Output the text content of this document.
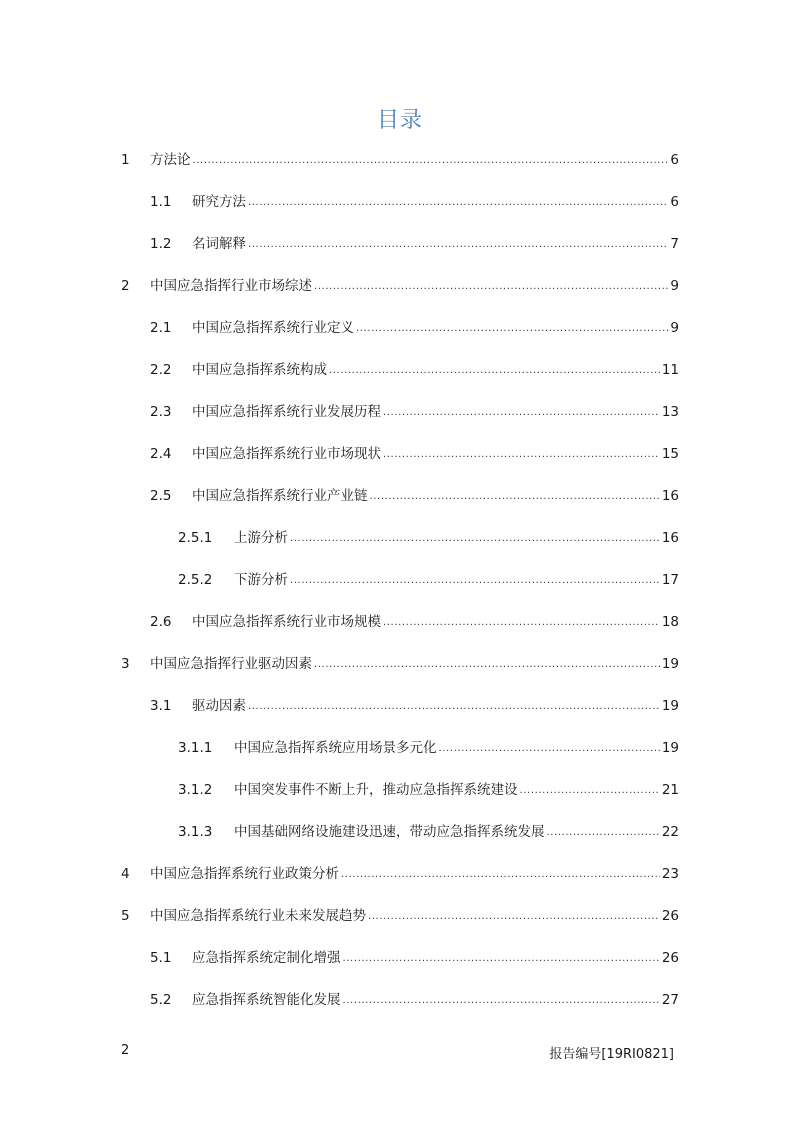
目录
1 方法论 .....	6
1.1 研究方法 .....	6
1.2 名词解释 .....	7
2 中国应急指挥行业市场综述 .....	9
2.1 中国应急指挥系统行业定义 .....	9
2.2 中国应急指挥系统构成 .....	11
2.3 中国应急指挥系统行业发展历程 .....	13
2.4 中国应急指挥系统行业市场现状 .....	15
2.5 中国应急指挥系统行业产业链 .....	16
2.5.1 上游分析 .....	16
2.5.2 下游分析 .....	17
2.6 中国应急指挥系统行业市场规模 .....	18
3 中国应急指挥行业驱动因素 .....	19
3.1 驱动因素 .....	19
3.1.1 中国应急指挥系统应用场景多元化 .....	19
3.1.2 中国突发事件不断上升，推动应急指挥系统建设 .....	21
3.1.3 中国基础网络设施建设迅速，带动应急指挥系统发展 .....	22
4 中国应急指挥系统行业政策分析 .....	23
5 中国应急指挥系统行业未来发展趋势 .....	26
5.1 应急指挥系统定制化增强 .....	26
5.2 应急指挥系统智能化发展 .....	27
2	报告编号[19RI0821]
